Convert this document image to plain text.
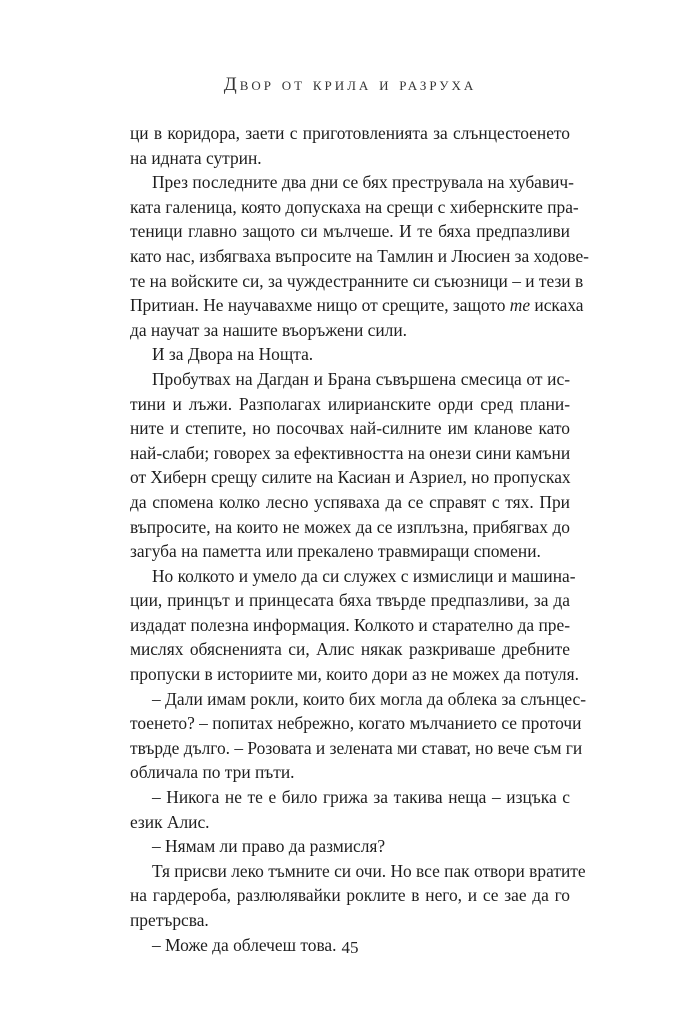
Двор от крила и разруха
ци в коридора, заети с приготовленията за слънцестоенето
на идната сутрин.
През последните два дни се бях преструвала на хубавич-
ката галеница, която допускаха на срещи с хибернските пра-
теници главно защото си мълчеше. И те бяха предпазливи
като нас, избягваха въпросите на Тамлин и Люсиен за ходове-
те на войските си, за чуждестранните си съюзници – и тези в
Притиан. Не научавахме нищо от срещите, защото те искаха
да научат за нашите въоръжени сили.
И за Двора на Нощта.
Пробутвах на Дагдан и Брана съвършена смесица от ис-
тини и лъжи. Разполагах илирианските орди сред плани-
ните и степите, но посочвах най-силните им кланове като
най-слаби; говорех за ефективността на онези сини камъни
от Хиберн срещу силите на Касиан и Азриел, но пропусках
да спомена колко лесно успяваха да се справят с тях. При
въпросите, на които не можех да се изплъзна, прибягвах до
загуба на паметта или прекалено травмиращи спомени.
Но колкото и умело да си служех с измислици и машина-
ции, принцът и принцесата бяха твърде предпазливи, за да
издадат полезна информация. Колкото и старателно да пре-
мислях обясненията си, Алис някак разкриваше дребните
пропуски в историите ми, които дори аз не можех да потуля.
– Дали имам рокли, които бих могла да облека за слънцес-
тоенето? – попитах небрежно, когато мълчанието се проточи
твърде дълго. – Розовата и зелената ми стават, но вече съм ги
обличала по три пъти.
– Никога не те е било грижа за такива неща – изцъка с
език Алис.
– Нямам ли право да размисля?
Тя присви леко тъмните си очи. Но все пак отвори вратите
на гардероба, разлюлявайки роклите в него, и се зае да го
претърсва.
– Може да облечеш това. 45
